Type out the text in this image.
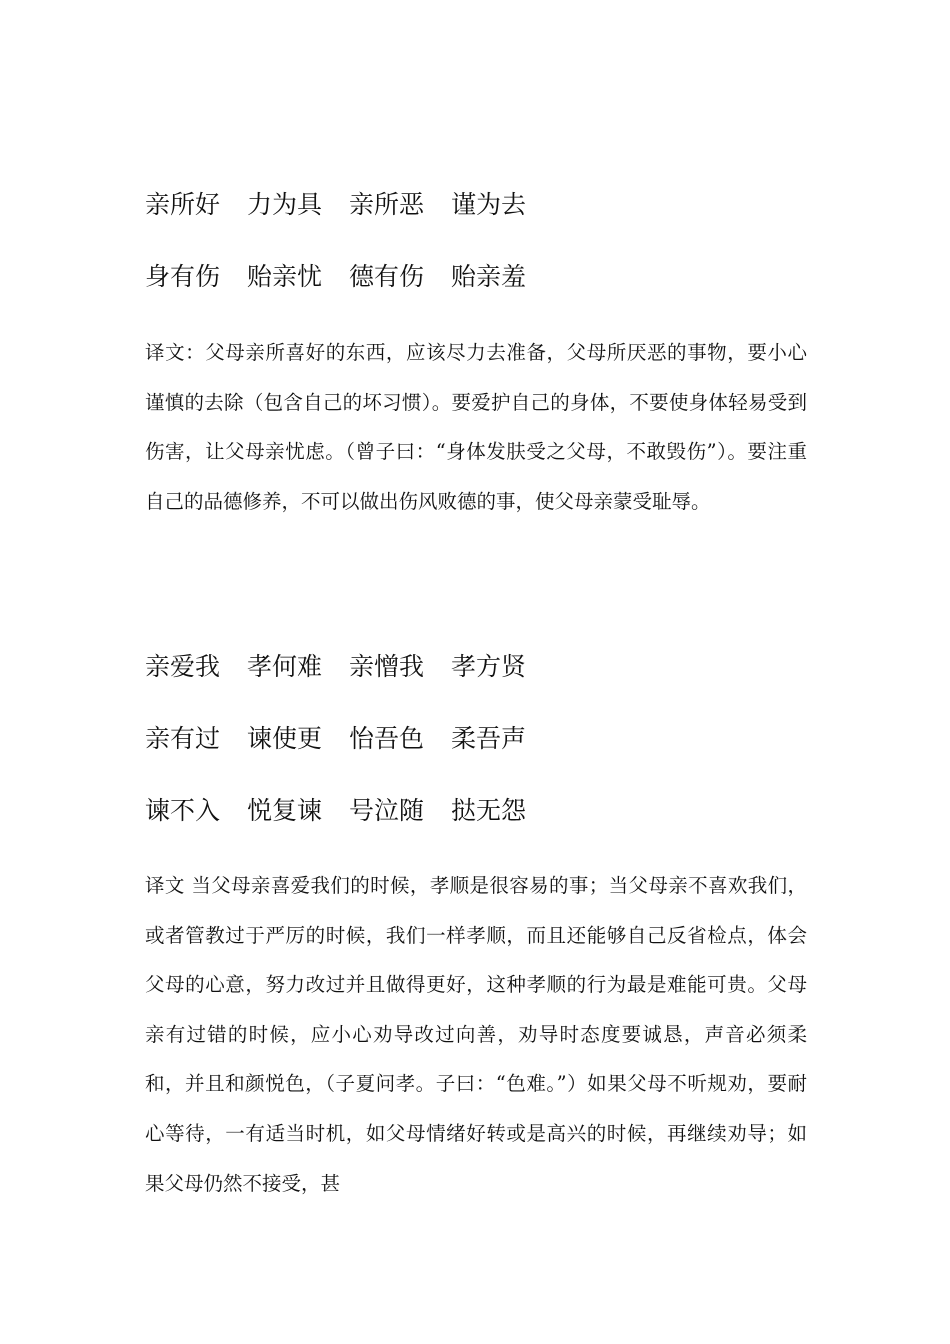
亲所好 力为具 亲所恶 谨为去
身有伤 贻亲忧 德有伤 贻亲羞

译文：父母亲所喜好的东西，应该尽力去准备，父母所厌恶的事物，要小心谨慎的去除（包含自己的坏习惯）。要爱护自己的身体，不要使身体轻易受到伤害，让父母亲忧虑。（曾子曰：“身体发肤受之父母，不敢毁伤”）。要注重自己的品德修养，不可以做出伤风败德的事，使父母亲蒙受耻辱。

亲爱我 孝何难 亲憎我 孝方贤
亲有过 谏使更 怡吾色 柔吾声
谏不入 悦复谏 号泣随 挞无怨

译文 当父母亲喜爱我们的时候，孝顺是很容易的事；当父母亲不喜欢我们，或者管教过于严厉的时候，我们一样孝顺，而且还能够自己反省检点，体会父母的心意，努力改过并且做得更好，这种孝顺的行为最是难能可贵。父母亲有过错的时候，应小心劝导改过向善，劝导时态度要诚恳，声音必须柔和，并且和颜悦色，（子夏问孝。子曰：“色难。”）如果父母不听规劝，要耐心等待，一有适当时机，如父母情绪好转或是高兴的时候，再继续劝导；如果父母仍然不接受，甚
